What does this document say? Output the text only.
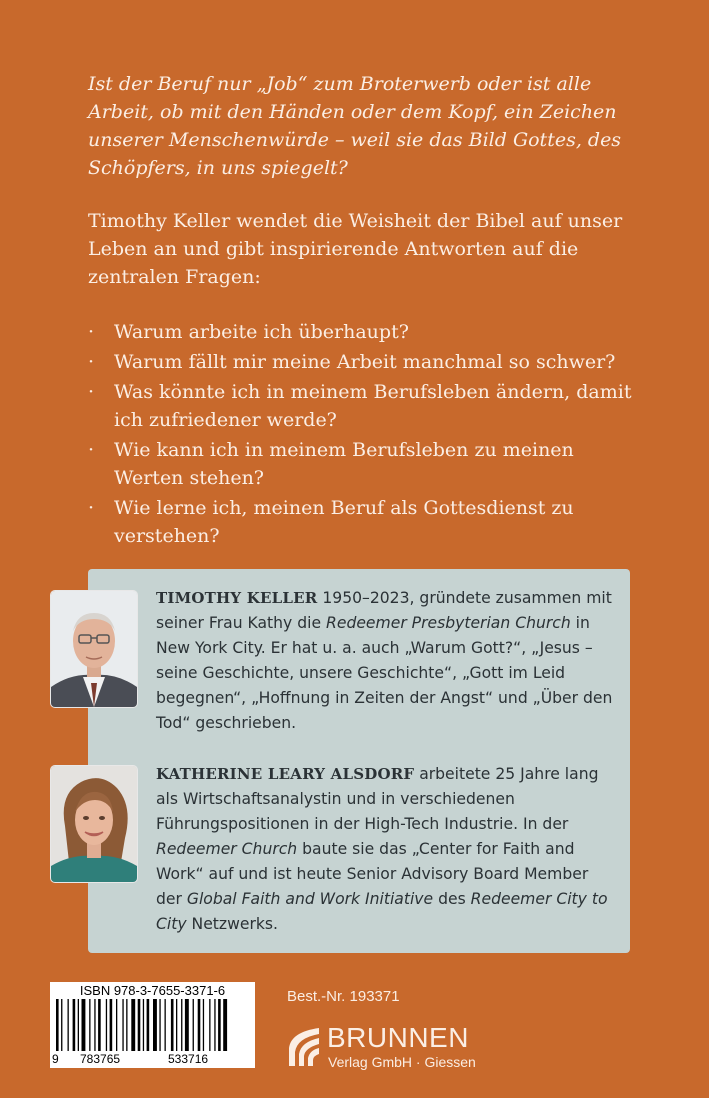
Ist der Beruf nur „Job“ zum Broterwerb oder ist alle Arbeit, ob mit den Händen oder dem Kopf, ein Zeichen unserer Menschenwürde – weil sie das Bild Gottes, des Schöpfers, in uns spiegelt?

Timothy Keller wendet die Weisheit der Bibel auf unser Leben an und gibt inspirierende Antworten auf die zentralen Fragen:

· Warum arbeite ich überhaupt?
· Warum fällt mir meine Arbeit manchmal so schwer?
· Was könnte ich in meinem Berufsleben ändern, damit ich zufriedener werde?
· Wie kann ich in meinem Berufsleben zu meinen Werten stehen?
· Wie lerne ich, meinen Beruf als Gottesdienst zu verstehen?

TIMOTHY KELLER 1950–2023, gründete zusammen mit seiner Frau Kathy die Redeemer Presbyterian Church in New York City. Er hat u. a. auch „Warum Gott?“, „Jesus – seine Geschichte, unsere Geschichte“, „Gott im Leid begegnen“, „Hoffnung in Zeiten der Angst“ und „Über den Tod“ geschrieben.

KATHERINE LEARY ALSDORF arbeitete 25 Jahre lang als Wirtschaftsanalystin und in verschiedenen Führungspositionen in der High-Tech Industrie. In der Redeemer Church baute sie das „Center for Faith and Work“ auf und ist heute Senior Advisory Board Member der Global Faith and Work Initiative des Redeemer City to City Netzwerks.

ISBN 978-3-7655-3371-6
9 783765	533716
Best.-Nr. 193371
BRUNNEN
Verlag GmbH · Giessen
